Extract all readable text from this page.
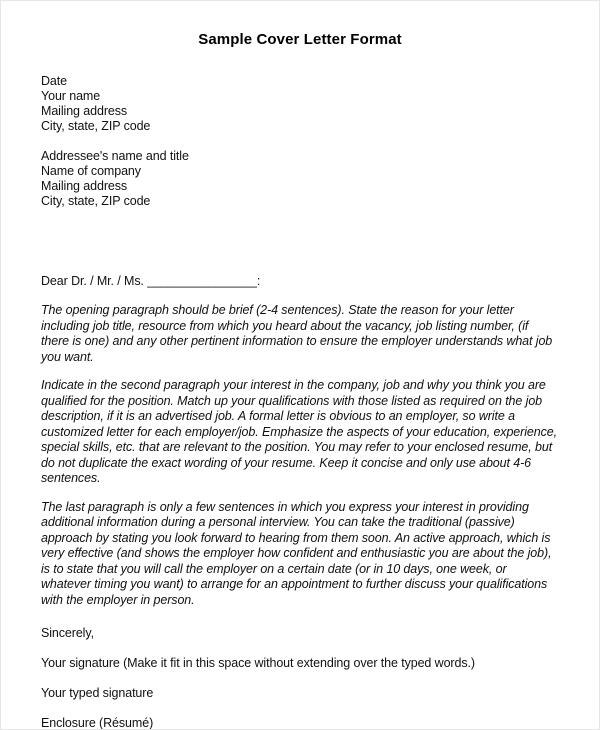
Sample Cover Letter Format
Date
Your name
Mailing address
City, state, ZIP code
Addressee's name and title
Name of company
Mailing address
City, state, ZIP code
Dear Dr. / Mr. / Ms. ________________:

The opening paragraph should be brief (2-4 sentences). State the reason for your letter including job title, resource from which you heard about the vacancy, job listing number, (if there is one) and any other pertinent information to ensure the employer understands what job you want.

Indicate in the second paragraph your interest in the company, job and why you think you are qualified for the position. Match up your qualifications with those listed as required on the job description, if it is an advertised job. A formal letter is obvious to an employer, so write a customized letter for each employer/job. Emphasize the aspects of your education, experience, special skills, etc. that are relevant to the position. You may refer to your enclosed resume, but do not duplicate the exact wording of your resume. Keep it concise and only use about 4-6 sentences.

The last paragraph is only a few sentences in which you express your interest in providing additional information during a personal interview. You can take the traditional (passive) approach by stating you look forward to hearing from them soon. An active approach, which is very effective (and shows the employer how confident and enthusiastic you are about the job), is to state that you will call the employer on a certain date (or in 10 days, one week, or whatever timing you want) to arrange for an appointment to further discuss your qualifications with the employer in person.

Sincerely,
Your signature (Make it fit in this space without extending over the typed words.)
Your typed signature
Enclosure (Résumé)
